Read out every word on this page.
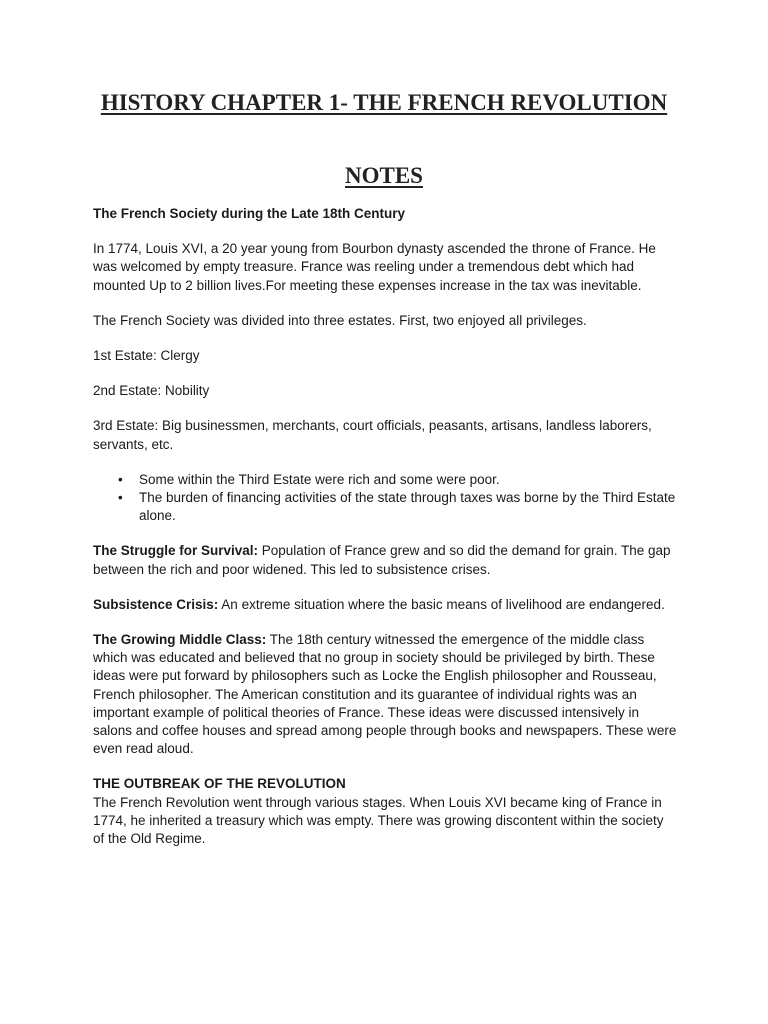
HISTORY CHAPTER 1- THE FRENCH REVOLUTION
NOTES

The French Society during the Late 18th Century

In 1774, Louis XVI, a 20 year young from Bourbon dynasty ascended the throne of France. He was welcomed by empty treasure. France was reeling under a tremendous debt which had mounted Up to 2 billion lives.For meeting these expenses increase in the tax was inevitable.

The French Society was divided into three estates. First, two enjoyed all privileges.

1st Estate: Clergy

2nd Estate: Nobility

3rd Estate: Big businessmen, merchants, court officials, peasants, artisans, landless laborers, servants, etc.

• Some within the Third Estate were rich and some were poor.
• The burden of financing activities of the state through taxes was borne by the Third Estate alone.

The Struggle for Survival: Population of France grew and so did the demand for grain. The gap between the rich and poor widened. This led to subsistence crises.

Subsistence Crisis: An extreme situation where the basic means of livelihood are endangered.

The Growing Middle Class: The 18th century witnessed the emergence of the middle class which was educated and believed that no group in society should be privileged by birth. These ideas were put forward by philosophers such as Locke the English philosopher and Rousseau, French philosopher. The American constitution and its guarantee of individual rights was an important example of political theories of France. These ideas were discussed intensively in salons and coffee houses and spread among people through books and newspapers. These were even read aloud.

THE OUTBREAK OF THE REVOLUTION

The French Revolution went through various stages. When Louis XVI became king of France in 1774, he inherited a treasury which was empty. There was growing discontent within the society of the Old Regime.
